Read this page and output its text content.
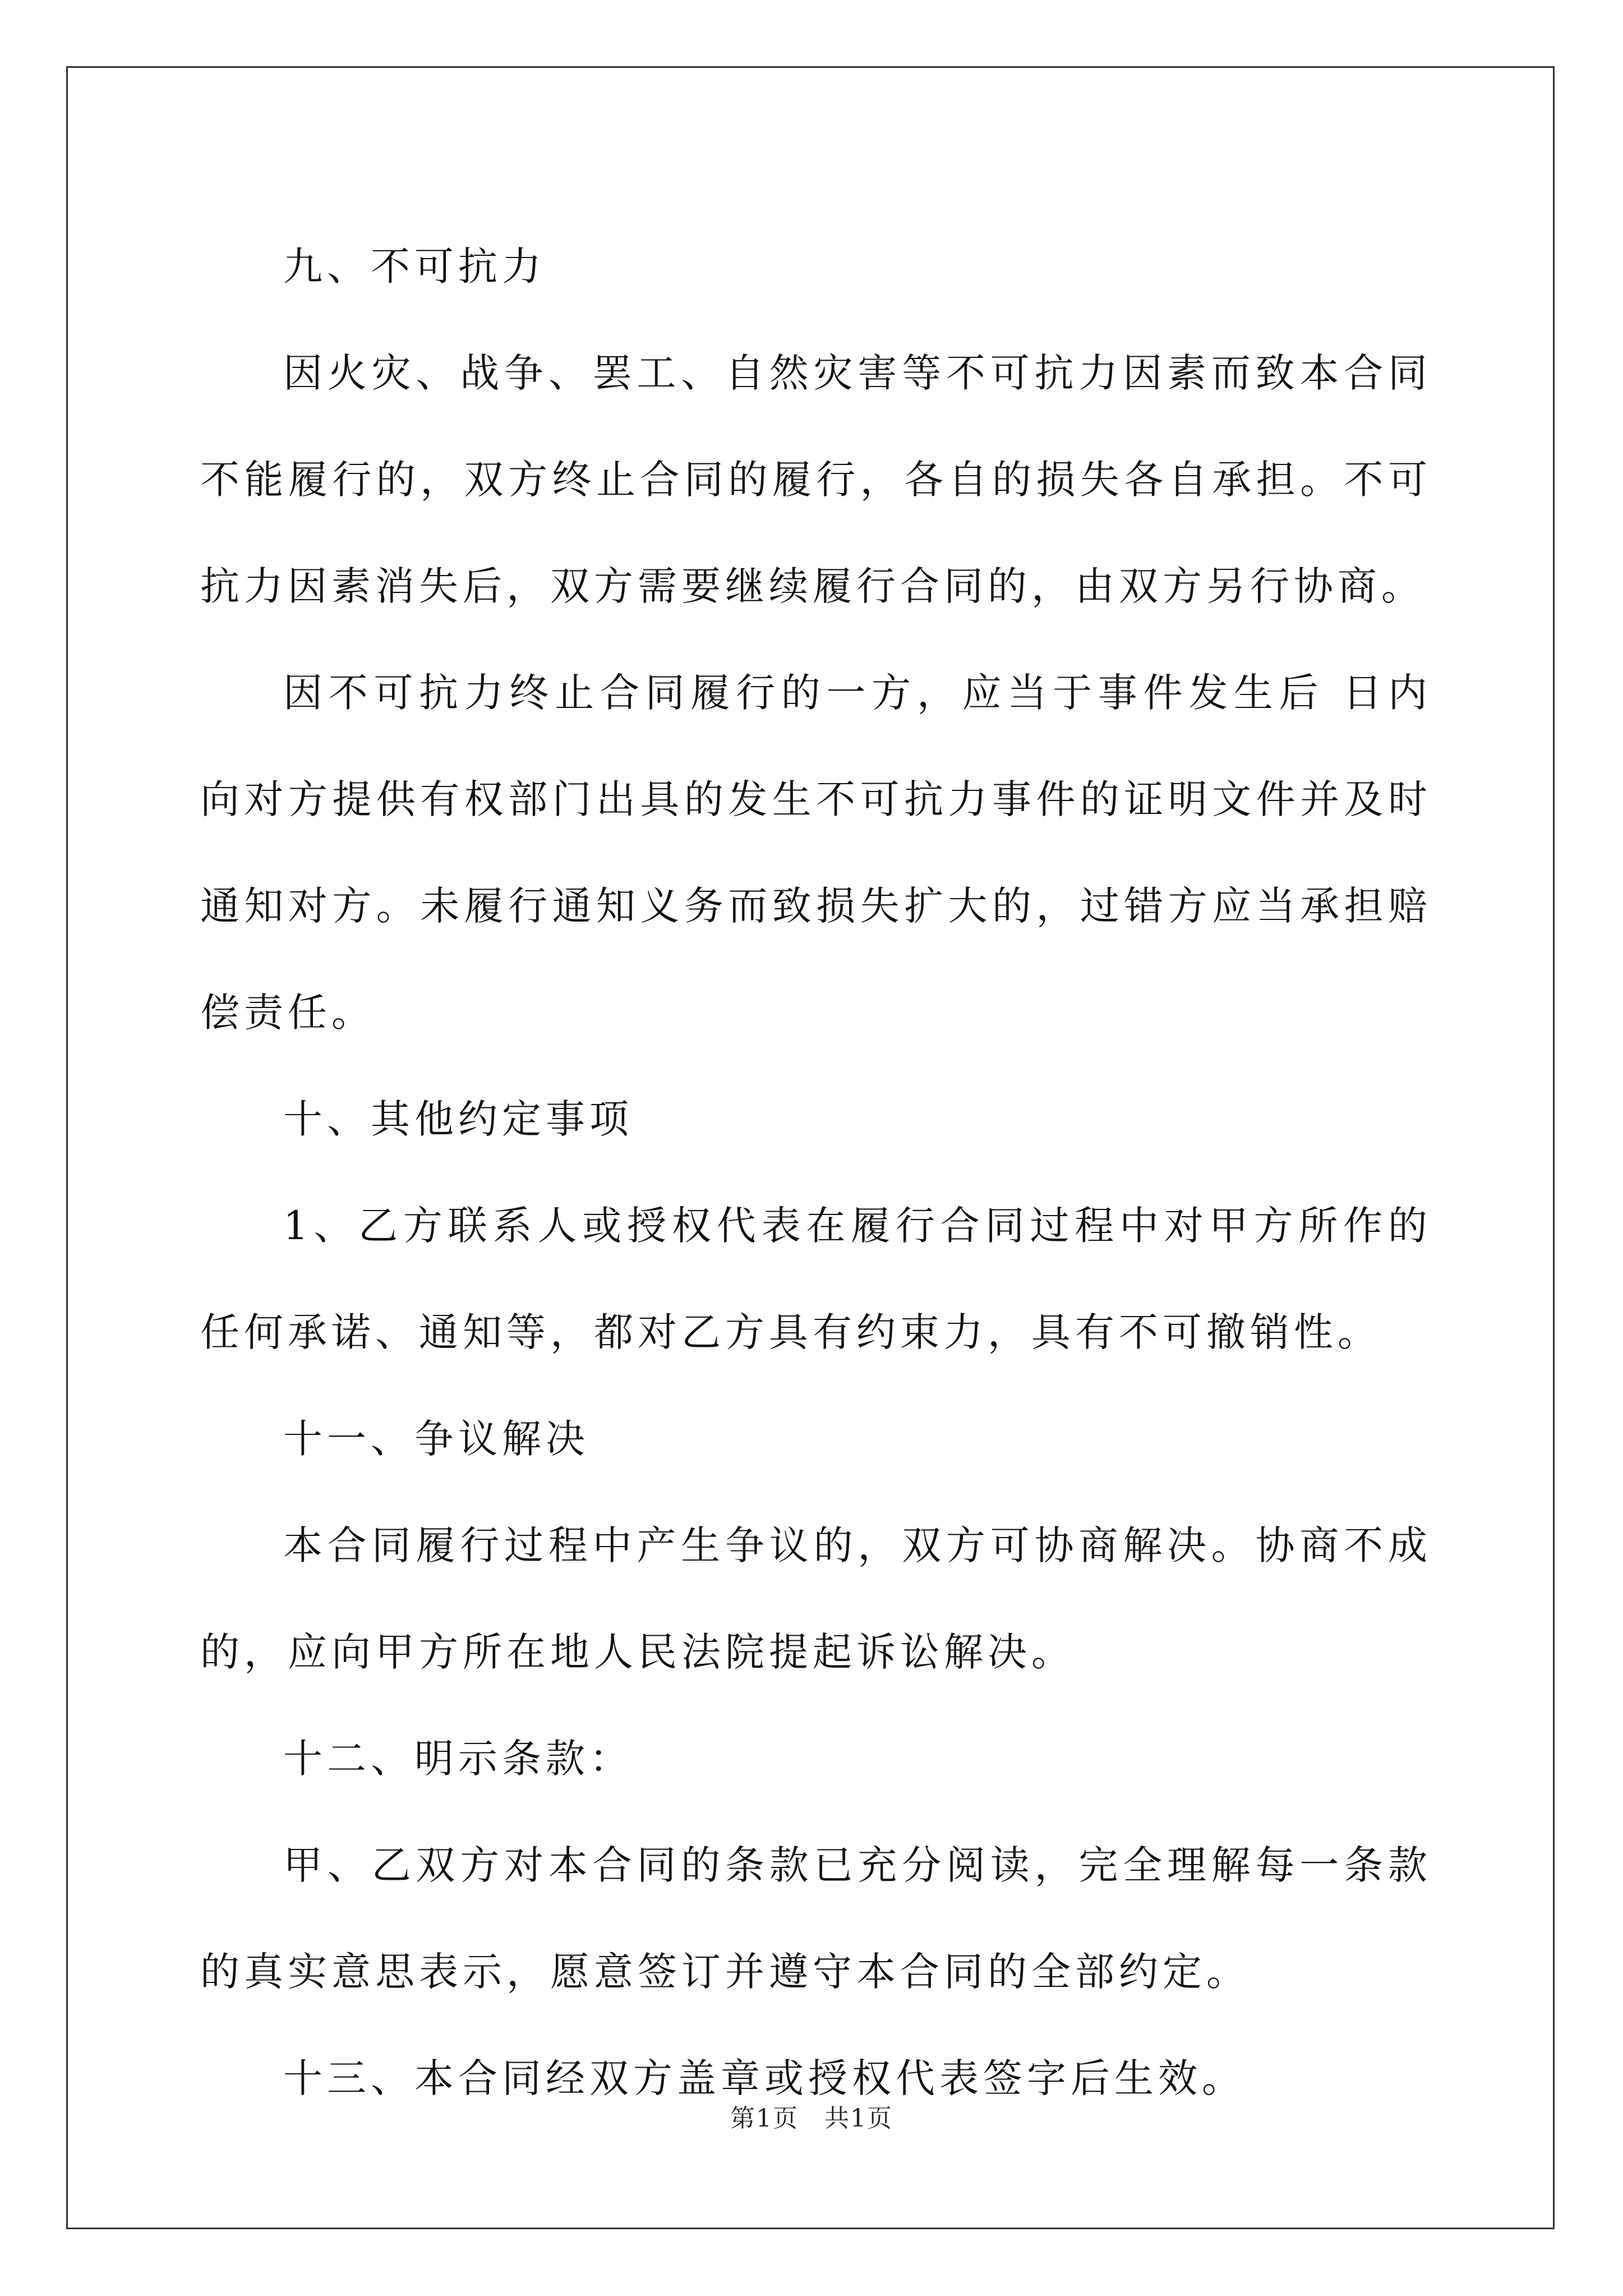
九、不可抗力

因火灾、战争、罢工、自然灾害等不可抗力因素而致本合同不能履行的，双方终止合同的履行，各自的损失各自承担。不可抗力因素消失后，双方需要继续履行合同的，由双方另行协商。

因不可抗力终止合同履行的一方，应当于事件发生后 日内向对方提供有权部门出具的发生不可抗力事件的证明文件并及时通知对方。未履行通知义务而致损失扩大的，过错方应当承担赔偿责任。

十、其他约定事项

1、乙方联系人或授权代表在履行合同过程中对甲方所作的任何承诺、通知等，都对乙方具有约束力，具有不可撤销性。

十一、争议解决

本合同履行过程中产生争议的，双方可协商解决。协商不成的，应向甲方所在地人民法院提起诉讼解决。

十二、明示条款：

甲、乙双方对本合同的条款已充分阅读，完全理解每一条款的真实意思表示，愿意签订并遵守本合同的全部约定。

十三、本合同经双方盖章或授权代表签字后生效。

第1页　共1页
